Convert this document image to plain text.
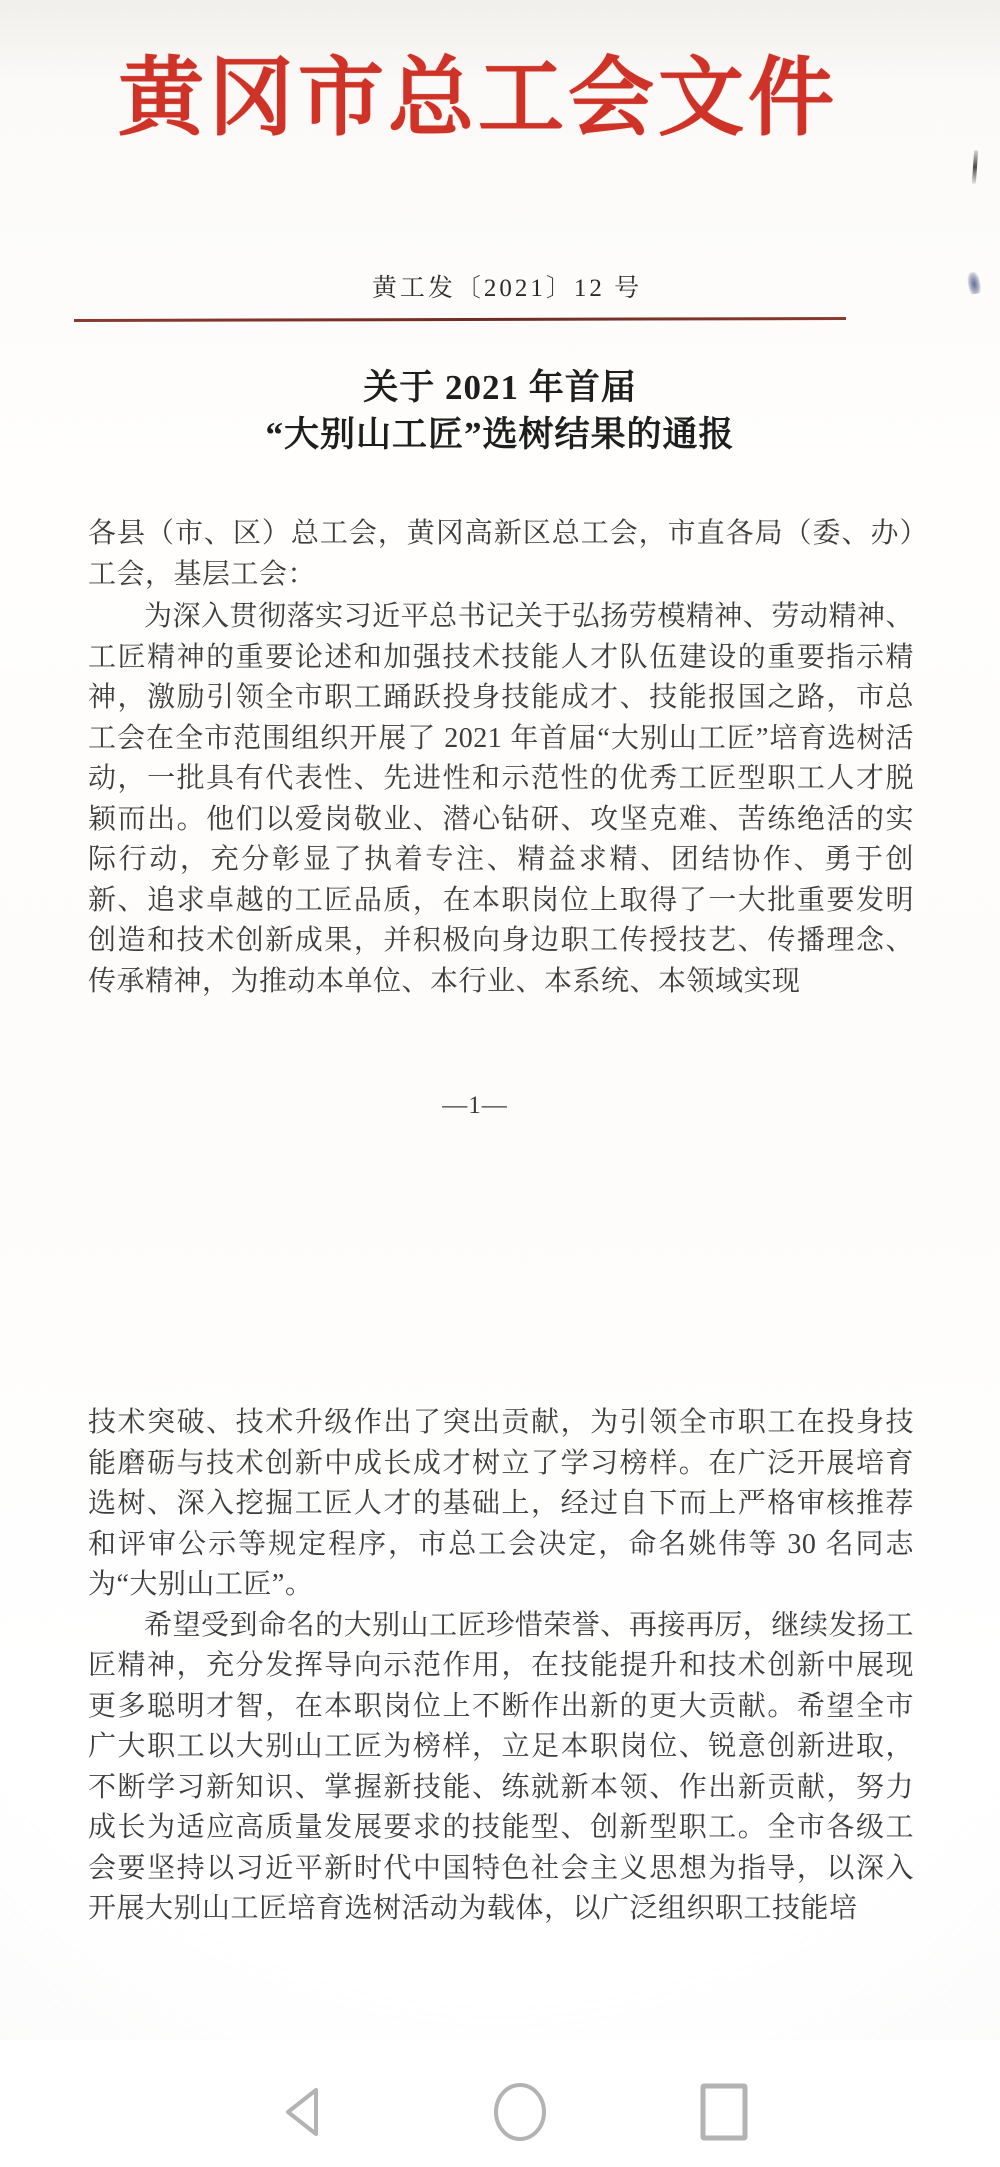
黄冈市总工会文件
黄工发〔2021〕12 号
关于 2021 年首届
“大别山工匠”选树结果的通报
各县（市、区）总工会，黄冈高新区总工会，市直各局（委、办）工会，基层工会：
为深入贯彻落实习近平总书记关于弘扬劳模精神、劳动精神、工匠精神的重要论述和加强技术技能人才队伍建设的重要指示精神，激励引领全市职工踊跃投身技能成才、技能报国之路，市总工会在全市范围组织开展了 2021 年首届“大别山工匠”培育选树活动，一批具有代表性、先进性和示范性的优秀工匠型职工人才脱颖而出。他们以爱岗敬业、潜心钻研、攻坚克难、苦练绝活的实际行动，充分彰显了执着专注、精益求精、团结协作、勇于创新、追求卓越的工匠品质，在本职岗位上取得了一大批重要发明创造和技术创新成果，并积极向身边职工传授技艺、传播理念、传承精神，为推动本单位、本行业、本系统、本领域实现
—1—
技术突破、技术升级作出了突出贡献，为引领全市职工在投身技能磨砺与技术创新中成长成才树立了学习榜样。在广泛开展培育选树、深入挖掘工匠人才的基础上，经过自下而上严格审核推荐和评审公示等规定程序，市总工会决定，命名姚伟等 30 名同志为“大别山工匠”。
希望受到命名的大别山工匠珍惜荣誉、再接再厉，继续发扬工匠精神，充分发挥导向示范作用，在技能提升和技术创新中展现更多聪明才智，在本职岗位上不断作出新的更大贡献。希望全市广大职工以大别山工匠为榜样，立足本职岗位、锐意创新进取，不断学习新知识、掌握新技能、练就新本领、作出新贡献，努力成长为适应高质量发展要求的技能型、创新型职工。全市各级工会要坚持以习近平新时代中国特色社会主义思想为指导，以深入开展大别山工匠培育选树活动为载体，以广泛组织职工技能培
